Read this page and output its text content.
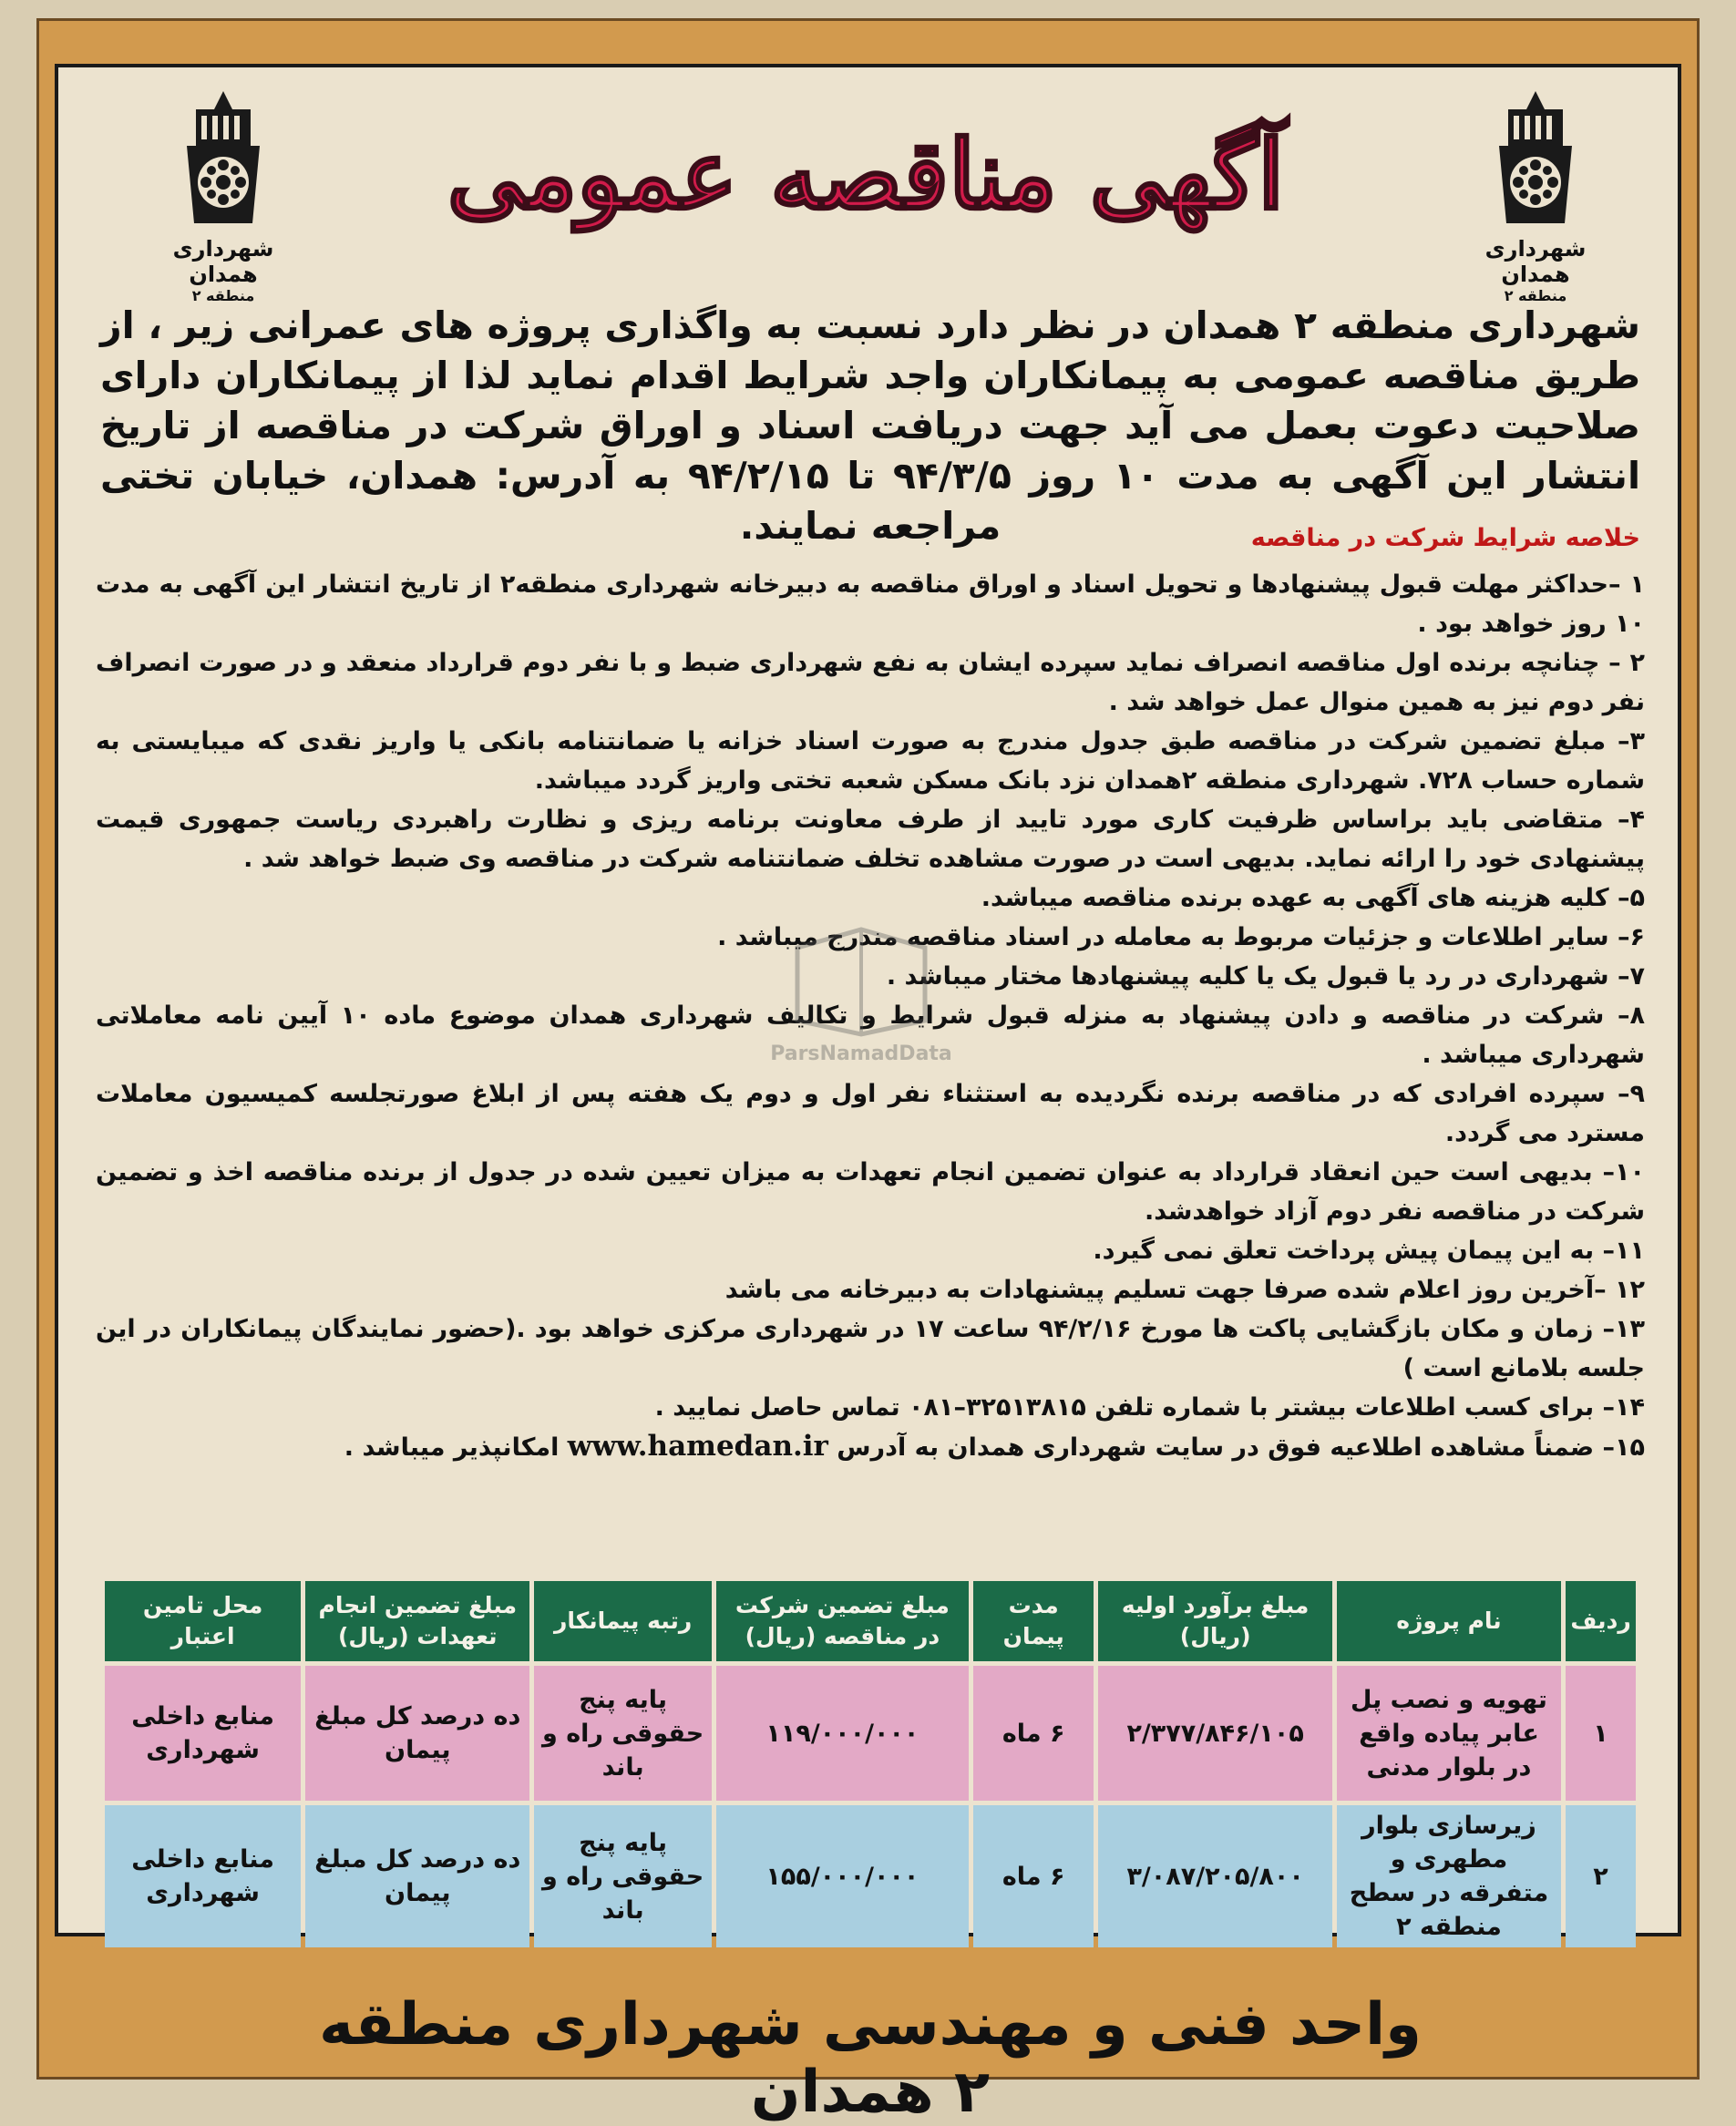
شهرداری همدان
منطقه ۲
شهرداری همدان
منطقه ۲
آگهی مناقصه عمومی
شهرداری منطقه ۲ همدان در نظر دارد نسبت به واگذاری پروژه های عمرانی زیر ، از طریق مناقصه عمومی به پیمانکاران واجد شرایط اقدام نماید لذا از پیمانکاران دارای صلاحیت دعوت بعمل می آید جهت دریافت اسناد و اوراق شرکت در مناقصه از تاریخ انتشار این آگهی به مدت ۱۰ روز ۹۴/۳/۵ تا ۹۴/۲/۱۵ به آدرس: همدان، خیابان تختی مراجعه نمایند.	خلاصه شرایط شرکت در مناقصه
۱ –حداکثر مهلت قبول پیشنهادها و تحویل اسناد و اوراق مناقصه به دبیرخانه شهرداری منطقه۲ از تاریخ انتشار این آگهی به مدت ۱۰ روز خواهد بود .
۲ – چنانچه برنده اول مناقصه انصراف نماید سپرده ایشان به نفع شهرداری ضبط و با نفر دوم قرارداد منعقد و در صورت انصراف نفر دوم نیز به همین منوال عمل خواهد شد .
۳– مبلغ تضمین شرکت در مناقصه طبق جدول مندرج به صورت اسناد خزانه یا ضمانتنامه بانکی یا واریز نقدی که میبایستی به شماره حساب ۷۲۸. شهرداری منطقه ۲همدان نزد بانک مسکن شعبه تختی واریز گردد میباشد.
۴– متقاضی باید براساس ظرفیت کاری مورد تایید از طرف معاونت برنامه ریزی و نظارت راهبردی ریاست جمهوری قیمت پیشنهادی خود را ارائه نماید. بدیهی است در صورت مشاهده تخلف ضمانتنامه شرکت در مناقصه وی ضبط خواهد شد .
۵– کلیه هزینه های آگهی به عهده برنده مناقصه میباشد.
۶– سایر اطلاعات و جزئیات مربوط به معامله در اسناد مناقصه مندرج میباشد .
۷– شهرداری در رد یا قبول یک یا کلیه پیشنهادها مختار میباشد .
۸– شرکت در مناقصه و دادن پیشنهاد به منزله قبول شرایط و تکالیف شهرداری همدان موضوع ماده ۱۰ آیین نامه معاملاتی شهرداری میباشد .
۹– سپرده افرادی که در مناقصه برنده نگردیده به استثناء نفر اول و دوم یک هفته پس از ابلاغ صورتجلسه کمیسیون معاملات مسترد می گردد.
۱۰– بدیهی است حین انعقاد قرارداد به عنوان تضمین انجام تعهدات به میزان تعیین شده در جدول از برنده مناقصه اخذ و تضمین شرکت در مناقصه نفر دوم آزاد خواهدشد.
۱۱– به این پیمان پیش پرداخت تعلق نمی گیرد.
۱۲ –آخرین روز اعلام شده صرفا جهت تسلیم پیشنهادات به دبیرخانه می باشد
۱۳– زمان و مکان بازگشایی پاکت ها مورخ ۹۴/۲/۱۶ ساعت ۱۷ در شهرداری مرکزی خواهد بود .(حضور نمایندگان پیمانکاران در این جلسه بلامانع است )
۱۴– برای کسب اطلاعات بیشتر با شماره تلفن ۳۲۵۱۳۸۱۵–۰۸۱ تماس حاصل نمایید .
۱۵– ضمناً مشاهده اطلاعیه فوق در سایت شهرداری همدان به آدرس www.hamedan.ir امکانپذیر میباشد .
ParsNamadData
ردیف	نام پروژه	مبلغ برآورد اولیه (ریال)	مدت پیمان	مبلغ تضمین شرکت در مناقصه (ریال)	رتبه پیمانکار	مبلغ تضمین انجام تعهدات (ریال)	محل تامین اعتبار
۱	تهویه و نصب پل عابر پیاده واقع در بلوار مدنی	۲/۳۷۷/۸۴۶/۱۰۵	۶ ماه	۱۱۹/۰۰۰/۰۰۰	پایه پنج حقوقی راه و باند	ده درصد کل مبلغ پیمان	منابع داخلی شهرداری
۲	زیرسازی بلوار مطهری و متفرقه در سطح منطقه ۲	۳/۰۸۷/۲۰۵/۸۰۰	۶ ماه	۱۵۵/۰۰۰/۰۰۰	پایه پنج حقوقی راه و باند	ده درصد کل مبلغ پیمان	منابع داخلی شهرداری
واحد فنی و مهندسی شهرداری منطقه ۲ همدان
